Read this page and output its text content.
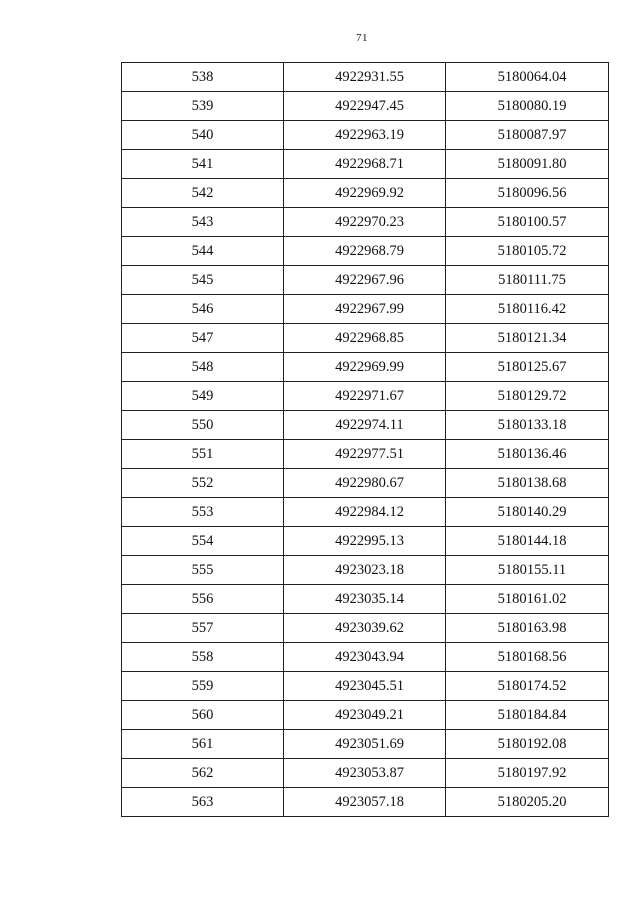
71
538	4922931.55	5180064.04
539	4922947.45	5180080.19
540	4922963.19	5180087.97
541	4922968.71	5180091.80
542	4922969.92	5180096.56
543	4922970.23	5180100.57
544	4922968.79	5180105.72
545	4922967.96	5180111.75
546	4922967.99	5180116.42
547	4922968.85	5180121.34
548	4922969.99	5180125.67
549	4922971.67	5180129.72
550	4922974.11	5180133.18
551	4922977.51	5180136.46
552	4922980.67	5180138.68
553	4922984.12	5180140.29
554	4922995.13	5180144.18
555	4923023.18	5180155.11
556	4923035.14	5180161.02
557	4923039.62	5180163.98
558	4923043.94	5180168.56
559	4923045.51	5180174.52
560	4923049.21	5180184.84
561	4923051.69	5180192.08
562	4923053.87	5180197.92
563	4923057.18	5180205.20
